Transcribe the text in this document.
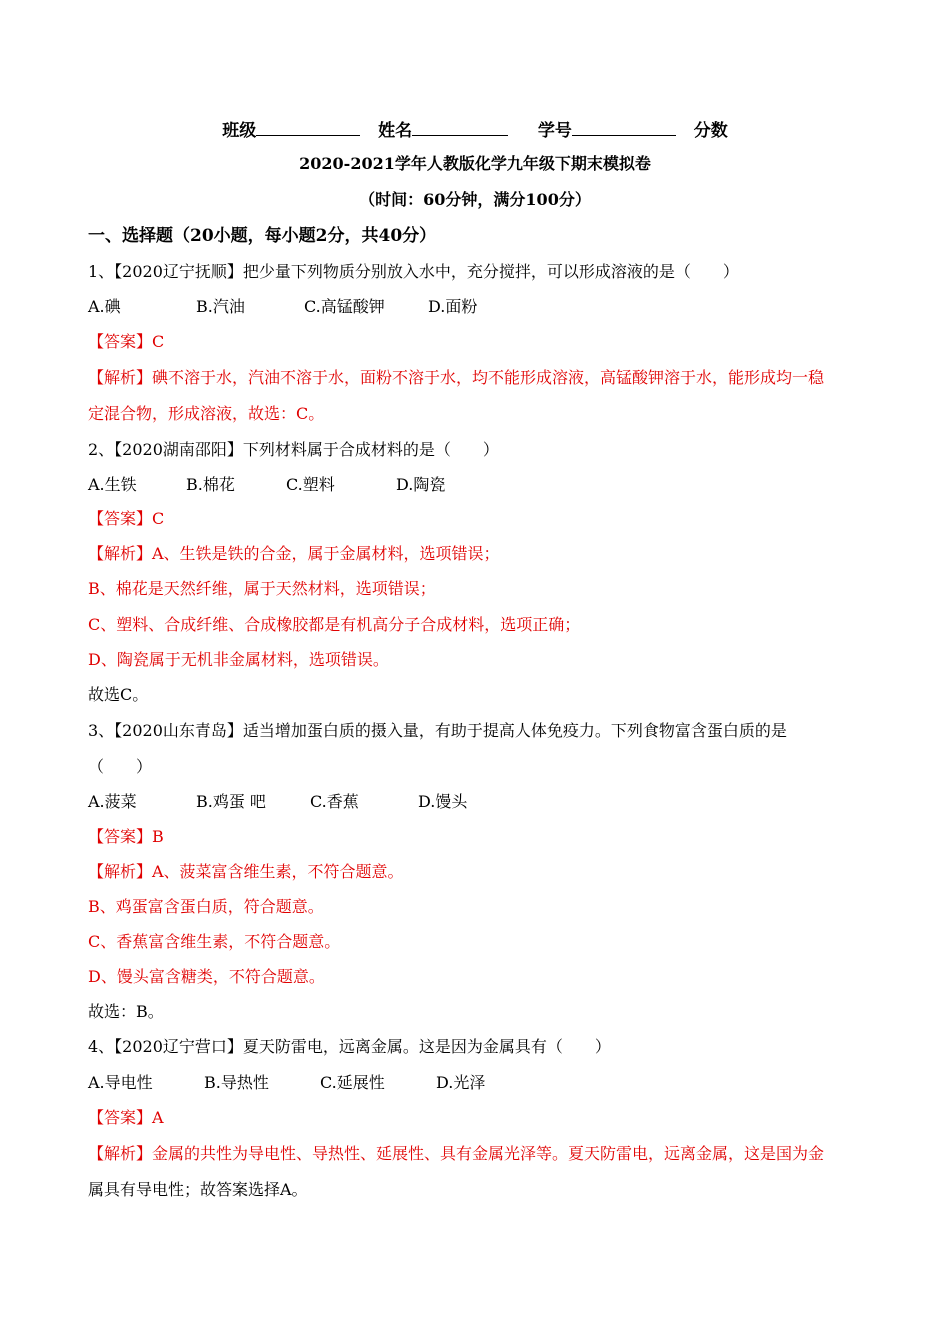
班级	姓名	学号	分数
2020-2021学年人教版化学九年级下期末模拟卷
（时间：60分钟，满分100分）
一、选择题（20小题，每小题2分，共40分）
1、【2020辽宁抚顺】把少量下列物质分别放入水中，充分搅拌，可以形成溶液的是（　　）
A.碘	B.汽油	C.高锰酸钾	D.面粉
【答案】C
【解析】碘不溶于水，汽油不溶于水，面粉不溶于水，均不能形成溶液，高锰酸钾溶于水，能形成均一稳
定混合物，形成溶液，故选：C。
2、【2020湖南邵阳】下列材料属于合成材料的是（　　）
A.生铁	B.棉花	C.塑料	D.陶瓷
【答案】C
【解析】A、生铁是铁的合金，属于金属材料，选项错误；
B、棉花是天然纤维，属于天然材料，选项错误；
C、塑料、合成纤维、合成橡胶都是有机高分子合成材料，选项正确；
D、陶瓷属于无机非金属材料，选项错误。
故选C。
3、【2020山东青岛】适当增加蛋白质的摄入量，有助于提高人体免疫力。下列食物富含蛋白质的是
（　　）
A.菠菜	B.鸡蛋 吧	C.香蕉	D.馒头
【答案】B
【解析】A、菠菜富含维生素，不符合题意。
B、鸡蛋富含蛋白质，符合题意。
C、香蕉富含维生素，不符合题意。
D、馒头富含糖类，不符合题意。
故选：B。
4、【2020辽宁营口】夏天防雷电，远离金属。这是因为金属具有（　　）
A.导电性	B.导热性	C.延展性	D.光泽
【答案】A
【解析】金属的共性为导电性、导热性、延展性、具有金属光泽等。夏天防雷电，远离金属，这是国为金
属具有导电性；故答案选择A。
